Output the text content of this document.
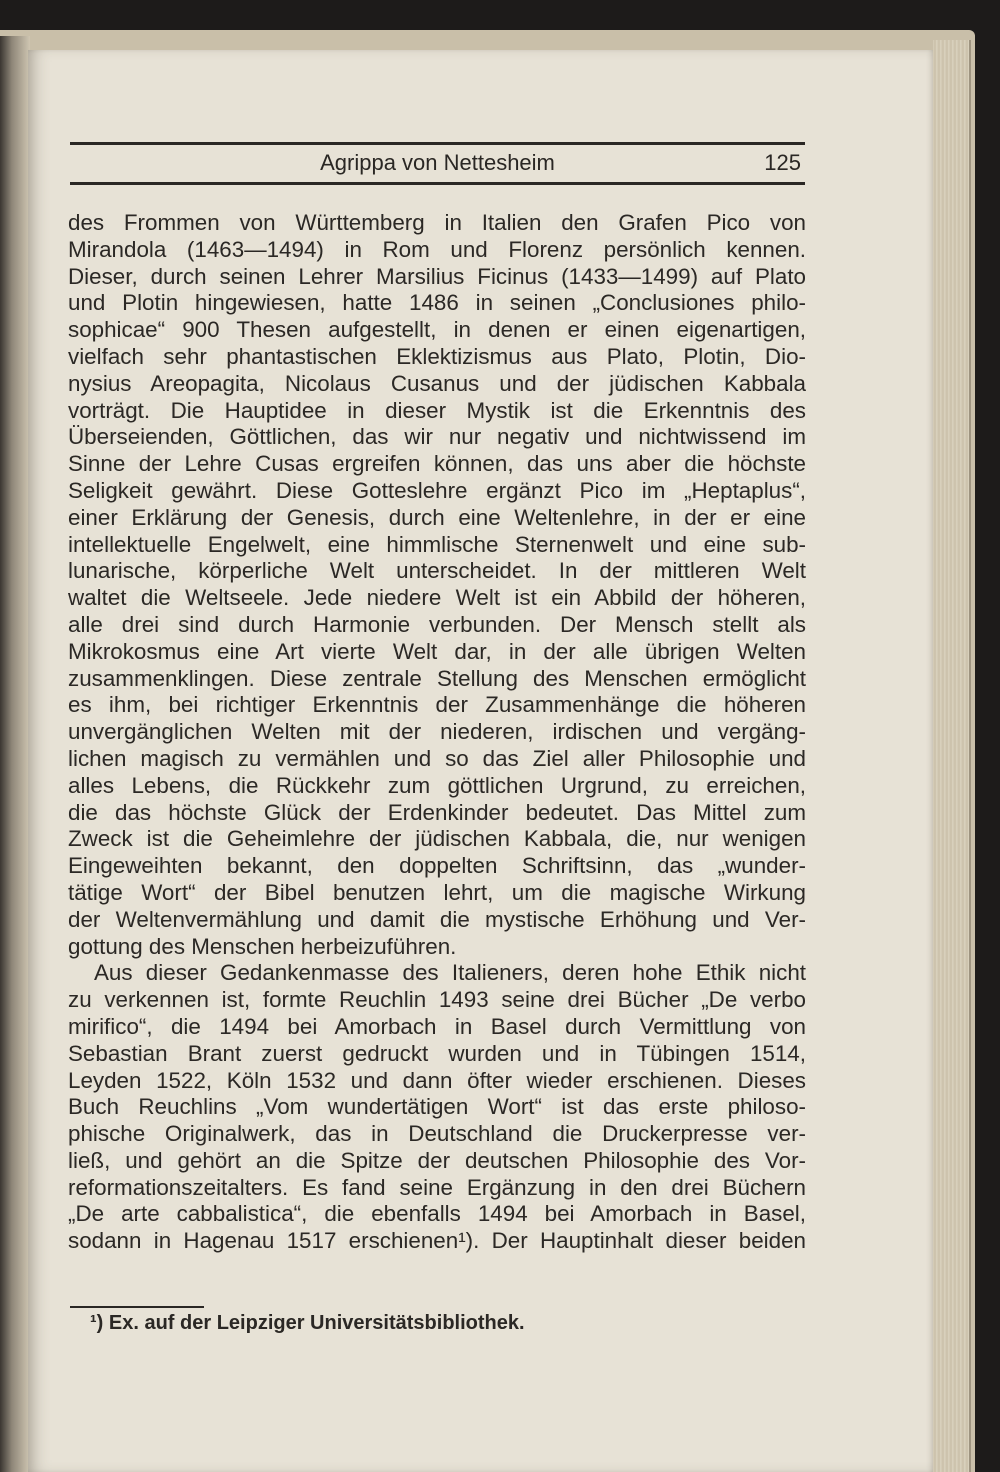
Agrippa von Nettesheim	125
des Frommen von Württemberg in Italien den Grafen Pico von
Mirandola (1463—1494) in Rom und Florenz persönlich kennen.
Dieser, durch seinen Lehrer Marsilius Ficinus (1433—1499) auf Plato
und Plotin hingewiesen, hatte 1486 in seinen „Conclusiones philo-
sophicae“ 900 Thesen aufgestellt, in denen er einen eigenartigen,
vielfach sehr phantastischen Eklektizismus aus Plato, Plotin, Dio-
nysius Areopagita, Nicolaus Cusanus und der jüdischen Kabbala
vorträgt. Die Hauptidee in dieser Mystik ist die Erkenntnis des
Überseienden, Göttlichen, das wir nur negativ und nichtwissend im
Sinne der Lehre Cusas ergreifen können, das uns aber die höchste
Seligkeit gewährt. Diese Gotteslehre ergänzt Pico im „Heptaplus“,
einer Erklärung der Genesis, durch eine Weltenlehre, in der er eine
intellektuelle Engelwelt, eine himmlische Sternenwelt und eine sub-
lunarische, körperliche Welt unterscheidet. In der mittleren Welt
waltet die Weltseele. Jede niedere Welt ist ein Abbild der höheren,
alle drei sind durch Harmonie verbunden. Der Mensch stellt als
Mikrokosmus eine Art vierte Welt dar, in der alle übrigen Welten
zusammenklingen. Diese zentrale Stellung des Menschen ermöglicht
es ihm, bei richtiger Erkenntnis der Zusammenhänge die höheren
unvergänglichen Welten mit der niederen, irdischen und vergäng-
lichen magisch zu vermählen und so das Ziel aller Philosophie und
alles Lebens, die Rückkehr zum göttlichen Urgrund, zu erreichen,
die das höchste Glück der Erdenkinder bedeutet. Das Mittel zum
Zweck ist die Geheimlehre der jüdischen Kabbala, die, nur wenigen
Eingeweihten bekannt, den doppelten Schriftsinn, das „wunder-
tätige Wort“ der Bibel benutzen lehrt, um die magische Wirkung
der Weltenvermählung und damit die mystische Erhöhung und Ver-
gottung des Menschen herbeizuführen.
Aus dieser Gedankenmasse des Italieners, deren hohe Ethik nicht
zu verkennen ist, formte Reuchlin 1493 seine drei Bücher „De verbo
mirifico“, die 1494 bei Amorbach in Basel durch Vermittlung von
Sebastian Brant zuerst gedruckt wurden und in Tübingen 1514,
Leyden 1522, Köln 1532 und dann öfter wieder erschienen. Dieses
Buch Reuchlins „Vom wundertätigen Wort“ ist das erste philoso-
phische Originalwerk, das in Deutschland die Druckerpresse ver-
ließ, und gehört an die Spitze der deutschen Philosophie des Vor-
reformationszeitalters. Es fand seine Ergänzung in den drei Büchern
„De arte cabbalistica“, die ebenfalls 1494 bei Amorbach in Basel,
sodann in Hagenau 1517 erschienen¹). Der Hauptinhalt dieser beiden
¹) Ex. auf der Leipziger Universitätsbibliothek.
